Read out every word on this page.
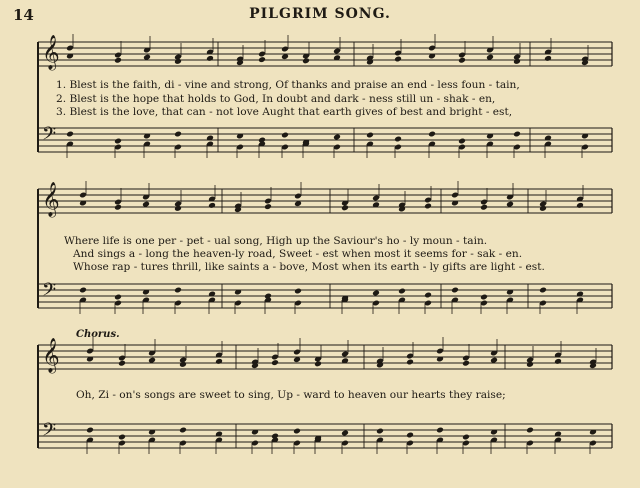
14	PILGRIM SONG.
𝄞
𝄢
𝄞
𝄢
𝄞
𝄢
1. Blest is the faith, di - vine and strong, Of thanks and praise an end - less foun - tain,
2. Blest is the hope that holds to God, In doubt and dark - ness still un - shak - en,
3. Blest is the love, that can - not love Aught that earth gives of best and bright - est,
Where life is one per - pet - ual song, High up the Saviour's ho - ly moun - tain.
And sings a - long the heaven-ly road, Sweet - est when most it seems for - sak - en.
Whose rap - tures thrill, like saints a - bove, Most when its earth - ly gifts are light - est.
Chorus.
Oh, Zi - on's songs are sweet to sing, Up - ward to heaven our hearts they raise;
